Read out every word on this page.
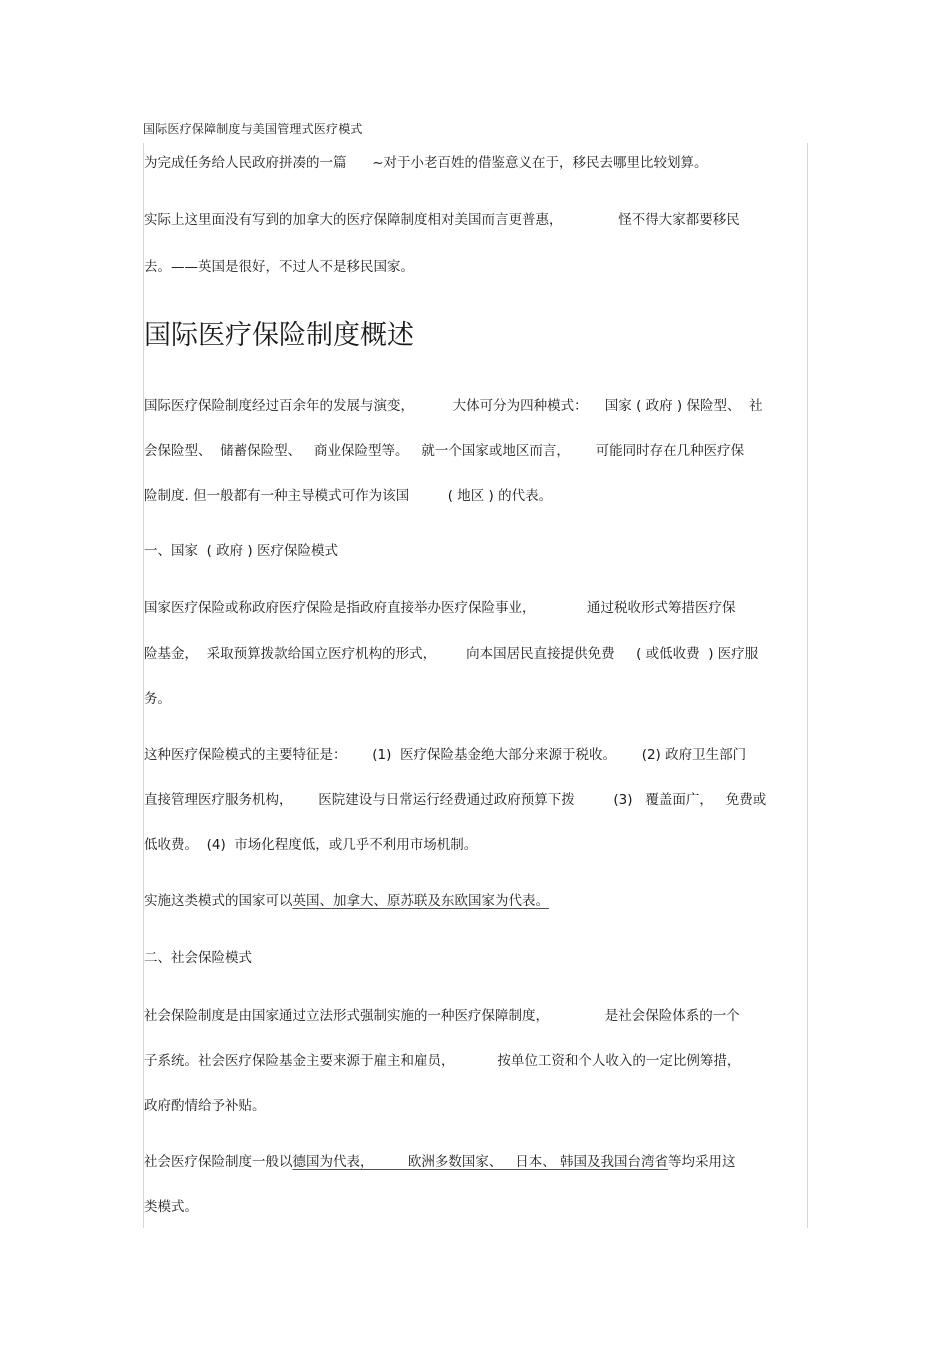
国际医疗保障制度与美国管理式医疗模式
为完成任务给人民政府拼凑的一篇      ~对于小老百姓的借鉴意义在于，移民去哪里比较划算。
实际上这里面没有写到的加拿大的医疗保障制度相对美国而言更普惠，             怪不得大家都要移民
去。——英国是很好，不过人不是移民国家。
国际医疗保险制度概述
国际医疗保险制度经过百余年的发展与演变，         大体可分为四种模式：    国家 ( 政府 ) 保险型、  社
会保险型、  储蓄保险型、   商业保险型等。   就一个国家或地区而言，      可能同时存在几种医疗保
险制度. 但一般都有一种主导模式可作为该国         ( 地区 ) 的代表。
一、国家  ( 政府 ) 医疗保险模式
国家医疗保险或称政府医疗保险是指政府直接举办医疗保险事业，            通过税收形式筹措医疗保
险基金，  采取预算拨款给国立医疗机构的形式，       向本国居民直接提供免费     ( 或低收费  ) 医疗服
务。
这种医疗保险模式的主要特征是：      (1)  医疗保险基金绝大部分来源于税收。      (2) 政府卫生部门
直接管理医疗服务机构，      医院建设与日常运行经费通过政府预算下拨         (3)   覆盖面广，   免费或
低收费。  (4)  市场化程度低，或几乎不利用市场机制。
实施这类模式的国家可以英国、加拿大、原苏联及东欧国家为代表。
二、社会保险模式
社会保险制度是由国家通过立法形式强制实施的一种医疗保障制度，             是社会保险体系的一个
子系统。社会医疗保险基金主要来源于雇主和雇员，          按单位工资和个人收入的一定比例筹措，
政府酌情给予补贴。
社会医疗保险制度一般以德国为代表，        欧洲多数国家、   日本、 韩国及我国台湾省等均采用这
类模式。
